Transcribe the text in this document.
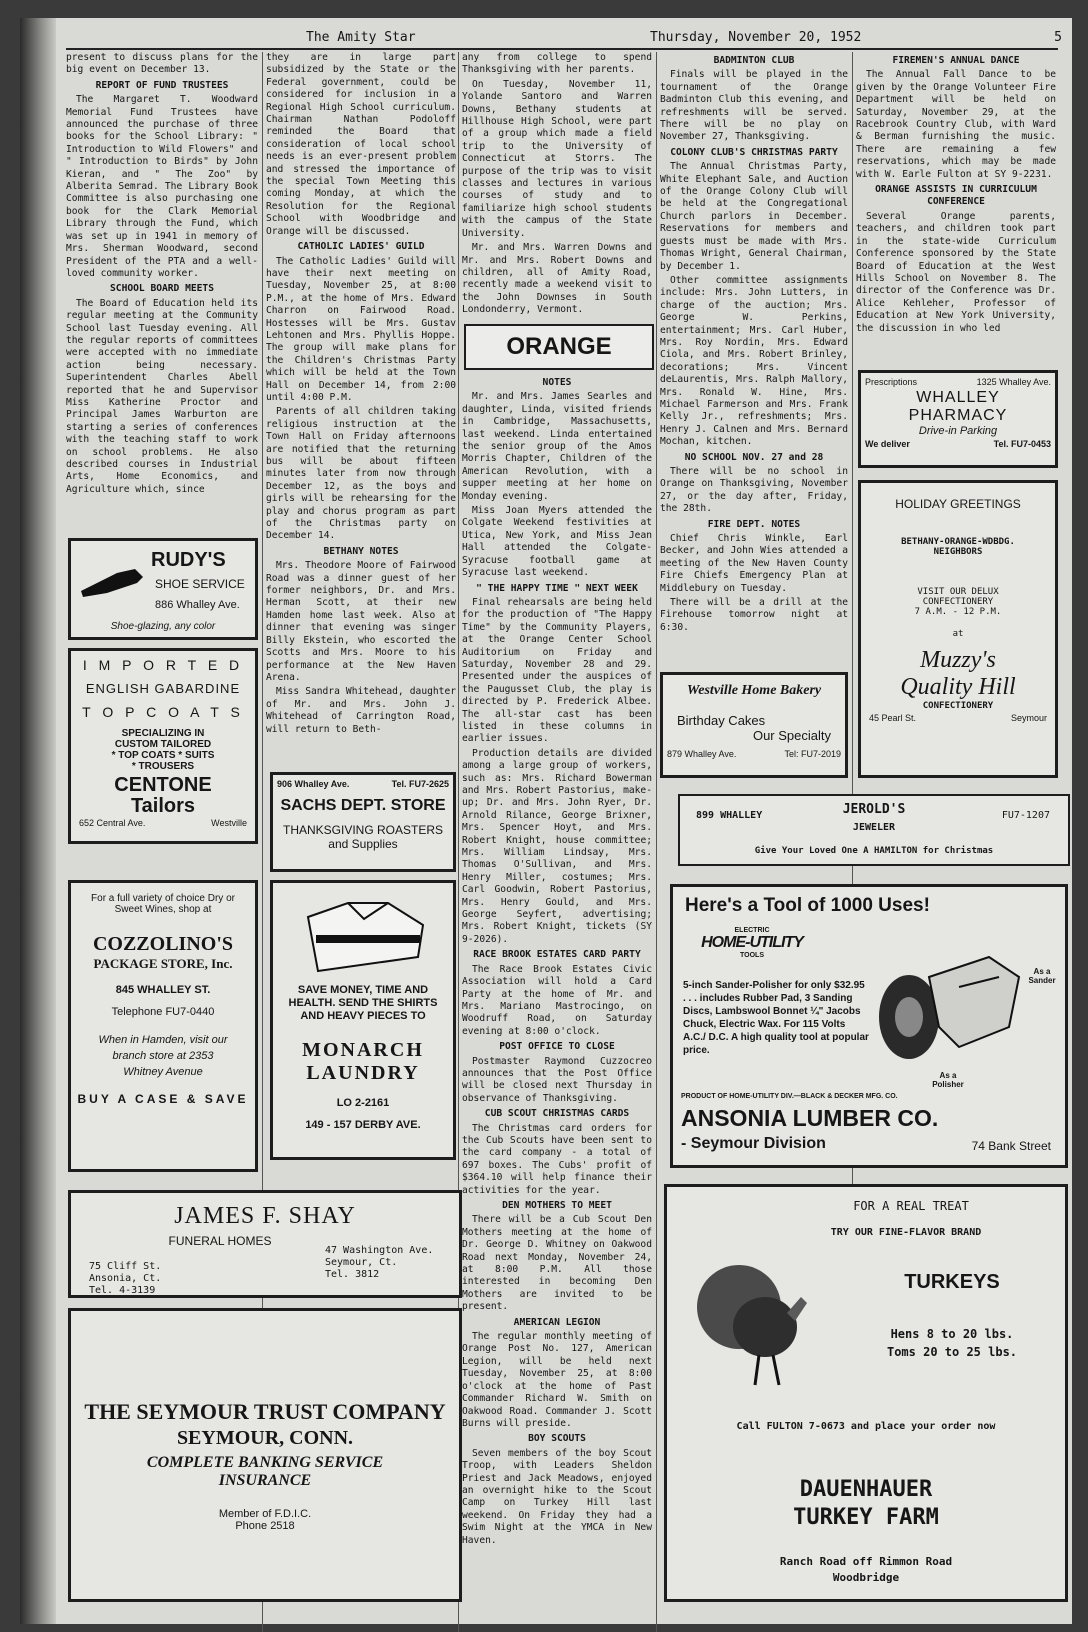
The Amity Star	Thursday, November 20, 1952	5

present to discuss plans for the big event on December 13.

REPORT OF FUND TRUSTEES

The Margaret T. Woodward Memorial Fund Trustees have announced the purchase of three books for the School Library: " Introduction to Wild Flowers" and " Introduction to Birds" by John Kieran, and " The Zoo" by Alberita Semrad. The Library Book Committee is also purchasing one book for the Clark Memorial Library through the Fund, which was set up in 1941 in memory of Mrs. Sherman Woodward, second President of the PTA and a well-loved community worker.

SCHOOL BOARD MEETS

The Board of Education held its regular meeting at the Community School last Tuesday evening. All the regular reports of committees were accepted with no immediate action being necessary. Superintendent Charles Abell reported that he and Supervisor Miss Katherine Proctor and Principal James Warburton are starting a series of conferences with the teaching staff to work on school problems. He also described courses in Industrial Arts, Home Economics, and Agriculture which, since

they are in large part subsidized by the State or the Federal government, could be considered for inclusion in a Regional High School curriculum. Chairman Nathan Podoloff reminded the Board that consideration of local school needs is an ever-present problem and stressed the importance of the special Town Meeting this coming Monday, at which the Resolution for the Regional School with Woodbridge and Orange will be discussed.

CATHOLIC LADIES' GUILD

The Catholic Ladies' Guild will have their next meeting on Tuesday, November 25, at 8:00 P.M., at the home of Mrs. Edward Charron on Fairwood Road. Hostesses will be Mrs. Gustav Lehtonen and Mrs. Phyllis Hoppe. The group will make plans for the Children's Christmas Party which will be held at the Town Hall on December 14, from 2:00 until 4:00 P.M.

Parents of all children taking religious instruction at the Town Hall on Friday afternoons are notified that the returning bus will be about fifteen minutes later from now through December 12, as the boys and girls will be rehearsing for the play and chorus program as part of the Christmas party on December 14.

BETHANY NOTES

Mrs. Theodore Moore of Fairwood Road was a dinner guest of her former neighbors, Dr. and Mrs. Herman Scott, at their new Hamden home last week. Also at dinner that evening was singer Billy Ekstein, who escorted the Scotts and Mrs. Moore to his performance at the New Haven Arena.

Miss Sandra Whitehead, daughter of Mr. and Mrs. John J. Whitehead of Carrington Road, will return to Beth-

any from college to spend Thanksgiving with her parents.

On Tuesday, November 11, Yolande Santoro and Warren Downs, Bethany students at Hillhouse High School, were part of a group which made a field trip to the University of Connecticut at Storrs. The purpose of the trip was to visit classes and lectures in various courses of study and to familiarize high school students with the campus of the State University.

Mr. and Mrs. Warren Downs and Mr. and Mrs. Robert Downs and children, all of Amity Road, recently made a weekend visit to the John Downses in South Londonderry, Vermont.

ORANGE
NOTES

Mr. and Mrs. James Searles and daughter, Linda, visited friends in Cambridge, Massachusetts, last weekend. Linda entertained the senior group of the Amos Morris Chapter, Children of the American Revolution, with a supper meeting at her home on Monday evening.

Miss Joan Myers attended the Colgate Weekend festivities at Utica, New York, and Miss Jean Hall attended the Colgate-Syracuse football game at Syracuse last weekend.

" THE HAPPY TIME " NEXT WEEK

Final rehearsals are being held for the production of "The Happy Time" by the Community Players, at the Orange Center School Auditorium on Friday and Saturday, November 28 and 29. Presented under the auspices of the Paugusset Club, the play is directed by P. Frederick Albee. The all-star cast has been listed in these columns in earlier issues.

Production details are divided among a large group of workers, such as: Mrs. Richard Bowerman and Mrs. Robert Pastorius, make-up; Dr. and Mrs. John Ryer, Dr. Arnold Rilance, George Brixner, Mrs. Spencer Hoyt, and Mrs. Robert Knight, house committee; Mrs. William Lindsay, Mrs. Thomas O'Sullivan, and Mrs. Henry Miller, costumes; Mrs. Carl Goodwin, Robert Pastorius, Mrs. Henry Gould, and Mrs. George Seyfert, advertising; Mrs. Robert Knight, tickets (SY 9-2026).

RACE BROOK ESTATES CARD PARTY

The Race Brook Estates Civic Association will hold a Card Party at the home of Mr. and Mrs. Mariano Mastrocingo, on Woodruff Road, on Saturday evening at 8:00 o'clock.

POST OFFICE TO CLOSE

Postmaster Raymond Cuzzocreo announces that the Post Office will be closed next Thursday in observance of Thanksgiving.

CUB SCOUT CHRISTMAS CARDS

The Christmas card orders for the Cub Scouts have been sent to the card company - a total of 697 boxes. The Cubs' profit of $364.10 will help finance their activities for the year.

DEN MOTHERS TO MEET

There will be a Cub Scout Den Mothers meeting at the home of Dr. George D. Whitney on Oakwood Road next Monday, November 24, at 8:00 P.M. All those interested in becoming Den Mothers are invited to be present.

AMERICAN LEGION

The regular monthly meeting of Orange Post No. 127, American Legion, will be held next Tuesday, November 25, at 8:00 o'clock at the home of Past Commander Richard W. Smith on Oakwood Road. Commander J. Scott Burns will preside.

BOY SCOUTS

Seven members of the boy Scout Troop, with Leaders Sheldon Priest and Jack Meadows, enjoyed an overnight hike to the Scout Camp on Turkey Hill last weekend. On Friday they had a Swim Night at the YMCA in New Haven.

BADMINTON CLUB

Finals will be played in the tournament of the Orange Badminton Club this evening, and refreshments will be served. There will be no play on November 27, Thanksgiving.

COLONY CLUB'S CHRISTMAS PARTY

The Annual Christmas Party, White Elephant Sale, and Auction of the Orange Colony Club will be held at the Congregational Church parlors in December. Reservations for members and guests must be made with Mrs. Thomas Wright, General Chairman, by December 1.

Other committee assignments include: Mrs. John Lutters, in charge of the auction; Mrs. George W. Perkins, entertainment; Mrs. Carl Huber, Mrs. Roy Nordin, Mrs. Edward Ciola, and Mrs. Robert Brinley, decorations; Mrs. Vincent deLaurentis, Mrs. Ralph Mallory, Mrs. Ronald W. Hine, Mrs. Michael Farmerson and Mrs. Frank Kelly Jr., refreshments; Mrs. Henry J. Calnen and Mrs. Bernard Mochan, kitchen.

NO SCHOOL NOV. 27 and 28

There will be no school in Orange on Thanksgiving, November 27, or the day after, Friday, the 28th.

FIRE DEPT. NOTES

Chief Chris Winkle, Earl Becker, and John Wies attended a meeting of the New Haven County Fire Chiefs Emergency Plan at Middlebury on Tuesday.

There will be a drill at the Firehouse tomorrow night at 6:30.

FIREMEN'S ANNUAL DANCE

The Annual Fall Dance to be given by the Orange Volunteer Fire Department will be held on Saturday, November 29, at the Racebrook Country Club, with Ward & Berman furnishing the music. There are remaining a few reservations, which may be made with W. Earle Fulton at SY 9-2231.

ORANGE ASSISTS IN CURRICULUM CONFERENCE

Several Orange parents, teachers, and children took part in the state-wide Curriculum Conference sponsored by the State Board of Education at the West Hills School on November 8. The director of the Conference was Dr. Alice Kehleher, Professor of Education at New York University, the discussion in who led

RUDY'S
SHOE SERVICE
886 Whalley Ave.
Shoe-glazing, any color
I M P O R T E D
ENGLISH GABARDINE
T O P C O A T S
SPECIALIZING IN
CUSTOM TAILORED
* TOP COATS * SUITS
* TROUSERS
CENTONE
Tailors
652 Central Ave.	Westville
For a full variety of choice Dry or Sweet Wines, shop at
COZZOLINO'S
PACKAGE STORE, Inc.
845 WHALLEY ST.
Telephone FU7-0440
When in Hamden, visit our branch store at 2353 Whitney Avenue
BUY A CASE & SAVE
JAMES F. SHAY
FUNERAL HOMES
75 Cliff St.
Ansonia, Ct.
Tel. 4-3139
47 Washington Ave.
Seymour, Ct.
Tel. 3812
THE SEYMOUR TRUST COMPANY
SEYMOUR, CONN.
COMPLETE BANKING SERVICE
INSURANCE
Member of F.D.I.C.
Phone 2518
906 Whalley Ave.	Tel. FU7-2625
SACHS DEPT. STORE
THANKSGIVING ROASTERS
and Supplies
SAVE MONEY, TIME AND HEALTH. SEND THE SHIRTS AND HEAVY PIECES TO
MONARCH
LAUNDRY
LO 2-2161
149 - 157 DERBY AVE.
Westville Home Bakery
Birthday Cakes
Our Specialty
879 Whalley Ave.	Tel: FU7-2019
Prescriptions	1325 Whalley Ave.
WHALLEY
PHARMACY
Drive-in Parking
We deliver	Tel. FU7-0453
HOLIDAY GREETINGS
BETHANY-ORANGE-WDBDG. NEIGHBORS
VISIT OUR DELUX CONFECTIONERY
7 A.M. - 12 P.M.
at
Muzzy's
Quality Hill
CONFECTIONERY
45 Pearl St.	Seymour
899 WHALLEY	JEROLD'S	FU7-1207
JEWELER
Give Your Loved One A HAMILTON for Christmas
Here's a Tool of 1000 Uses!
ELECTRIC
HOME-UTILITY
TOOLS
5-inch Sander-Polisher for only $32.95 . . . includes Rubber Pad, 3 Sanding Discs, Lambswool Bonnet ¼" Jacobs Chuck, Electric Wax. For 115 Volts A.C./ D.C. A high quality tool at popular price.
As a Sander
As a Polisher
PRODUCT OF HOME-UTILITY DIV.—BLACK & DECKER MFG. CO.
ANSONIA LUMBER CO.
- Seymour Division	74 Bank Street
FOR A REAL TREAT
TRY OUR FINE-FLAVOR BRAND
TURKEYS
Hens 8 to 20 lbs.
Toms 20 to 25 lbs.
Call FULTON 7-0673 and place your order now
DAUENHAUER
TURKEY FARM
Ranch Road off Rimmon Road
Woodbridge
